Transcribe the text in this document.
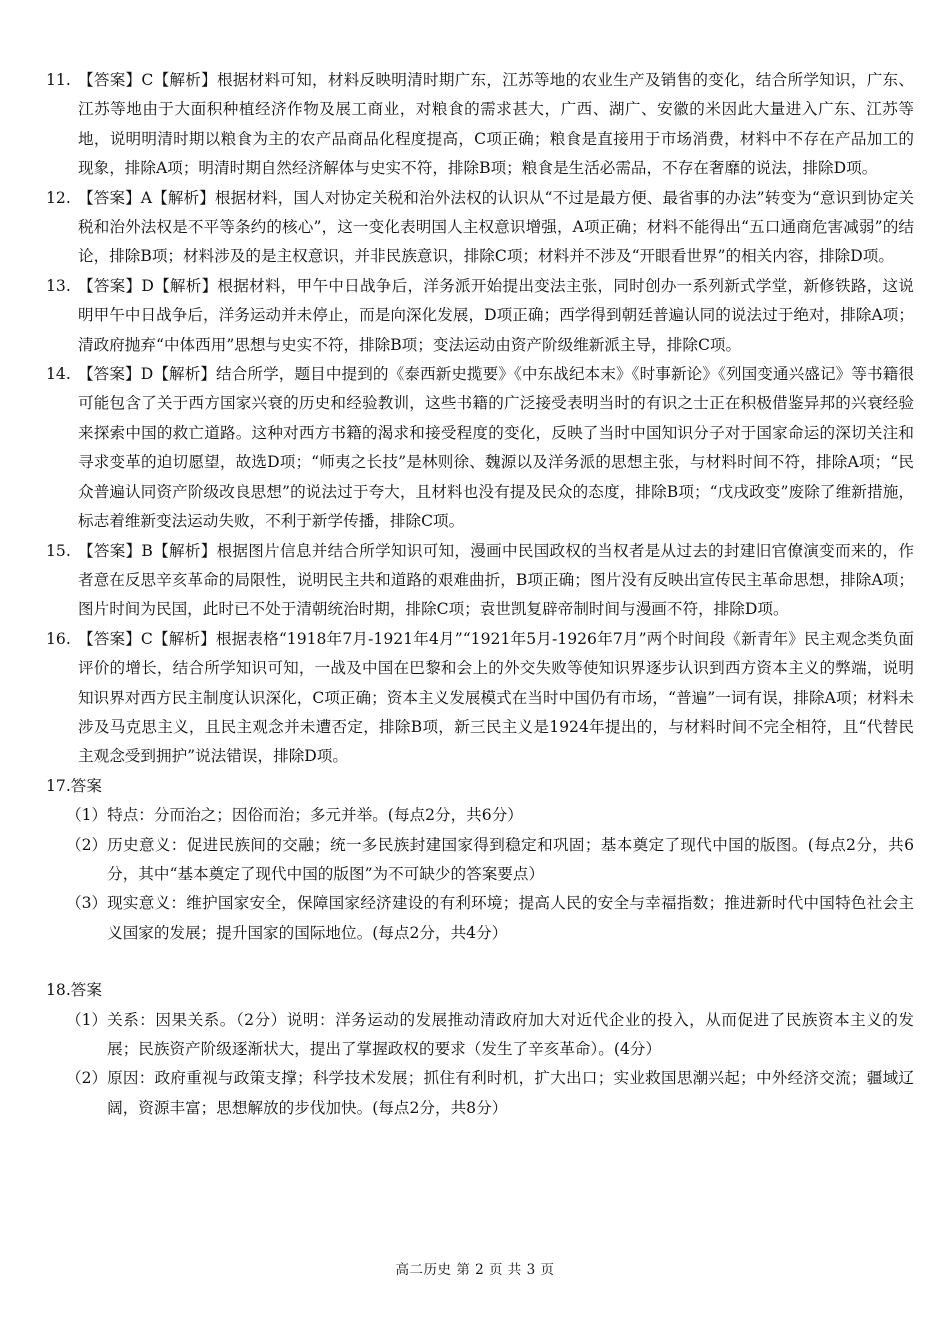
11. 【答案】C【解析】根据材料可知，材料反映明清时期广东，江苏等地的农业生产及销售的变化，结合所学知识，广东、江苏等地由于大面积种植经济作物及展工商业，对粮食的需求甚大，广西、湖广、安徽的米因此大量进入广东、江苏等地，说明明清时期以粮食为主的农产品商品化程度提高，C项正确；粮食是直接用于市场消费，材料中不存在产品加工的现象，排除A项；明清时期自然经济解体与史实不符，排除B项；粮食是生活必需品，不存在奢靡的说法，排除D项。
12. 【答案】A【解析】根据材料，国人对协定关税和治外法权的认识从“不过是最方便、最省事的办法”转变为“意识到协定关税和治外法权是不平等条约的核心”，这一变化表明国人主权意识增强，A项正确；材料不能得出“五口通商危害减弱”的结论，排除B项；材料涉及的是主权意识，并非民族意识，排除C项；材料并不涉及“开眼看世界”的相关内容，排除D项。
13. 【答案】D【解析】根据材料，甲午中日战争后，洋务派开始提出变法主张，同时创办一系列新式学堂，新修铁路，这说明甲午中日战争后，洋务运动并未停止，而是向深化发展，D项正确；西学得到朝廷普遍认同的说法过于绝对，排除A项；清政府抛弃“中体西用”思想与史实不符，排除B项；变法运动由资产阶级维新派主导，排除C项。
14. 【答案】D【解析】结合所学，题目中提到的《泰西新史揽要》《中东战纪本末》《时事新论》《列国变通兴盛记》等书籍很可能包含了关于西方国家兴衰的历史和经验教训，这些书籍的广泛接受表明当时的有识之士正在积极借鉴异邦的兴衰经验来探索中国的救亡道路。这种对西方书籍的渴求和接受程度的变化，反映了当时中国知识分子对于国家命运的深切关注和寻求变革的迫切愿望，故选D项；“师夷之长技”是林则徐、魏源以及洋务派的思想主张，与材料时间不符，排除A项；“民众普遍认同资产阶级改良思想”的说法过于夸大，且材料也没有提及民众的态度，排除B项；“戊戌政变”废除了维新措施，标志着维新变法运动失败，不利于新学传播，排除C项。
15. 【答案】B【解析】根据图片信息并结合所学知识可知，漫画中民国政权的当权者是从过去的封建旧官僚演变而来的，作者意在反思辛亥革命的局限性，说明民主共和道路的艰难曲折，B项正确；图片没有反映出宣传民主革命思想，排除A项；图片时间为民国，此时已不处于清朝统治时期，排除C项；袁世凯复辟帝制时间与漫画不符，排除D项。
16. 【答案】C【解析】根据表格“1918年7月-1921年4月”“1921年5月-1926年7月”两个时间段《新青年》民主观念类负面评价的增长，结合所学知识可知，一战及中国在巴黎和会上的外交失败等使知识界逐步认识到西方资本主义的弊端，说明知识界对西方民主制度认识深化，C项正确；资本主义发展模式在当时中国仍有市场，“普遍”一词有误，排除A项；材料未涉及马克思主义，且民主观念并未遭否定，排除B项，新三民主义是1924年提出的，与材料时间不完全相符，且“代替民主观念受到拥护”说法错误，排除D项。

17.答案

（1） 特点：分而治之；因俗而治；多元并举。(每点2分，共6分）
（2） 历史意义：促进民族间的交融；统一多民族封建国家得到稳定和巩固；基本奠定了现代中国的版图。(每点2分，共6分，其中“基本奠定了现代中国的版图”为不可缺少的答案要点）
（3） 现实意义：维护国家安全，保障国家经济建设的有利环境；提高人民的安全与幸福指数；推进新时代中国特色社会主义国家的发展；提升国家的国际地位。(每点2分，共4分）

18.答案

（1） 关系：因果关系。（2分）说明：洋务运动的发展推动清政府加大对近代企业的投入，从而促进了民族资本主义的发展；民族资产阶级逐渐状大，提出了掌握政权的要求（发生了辛亥革命）。(4分）
（2） 原因：政府重视与政策支撑；科学技术发展；抓住有利时机，扩大出口；实业救国思潮兴起；中外经济交流；疆域辽阔，资源丰富；思想解放的步伐加快。(每点2分，共8分）
高二历史 第 2 页 共 3 页
